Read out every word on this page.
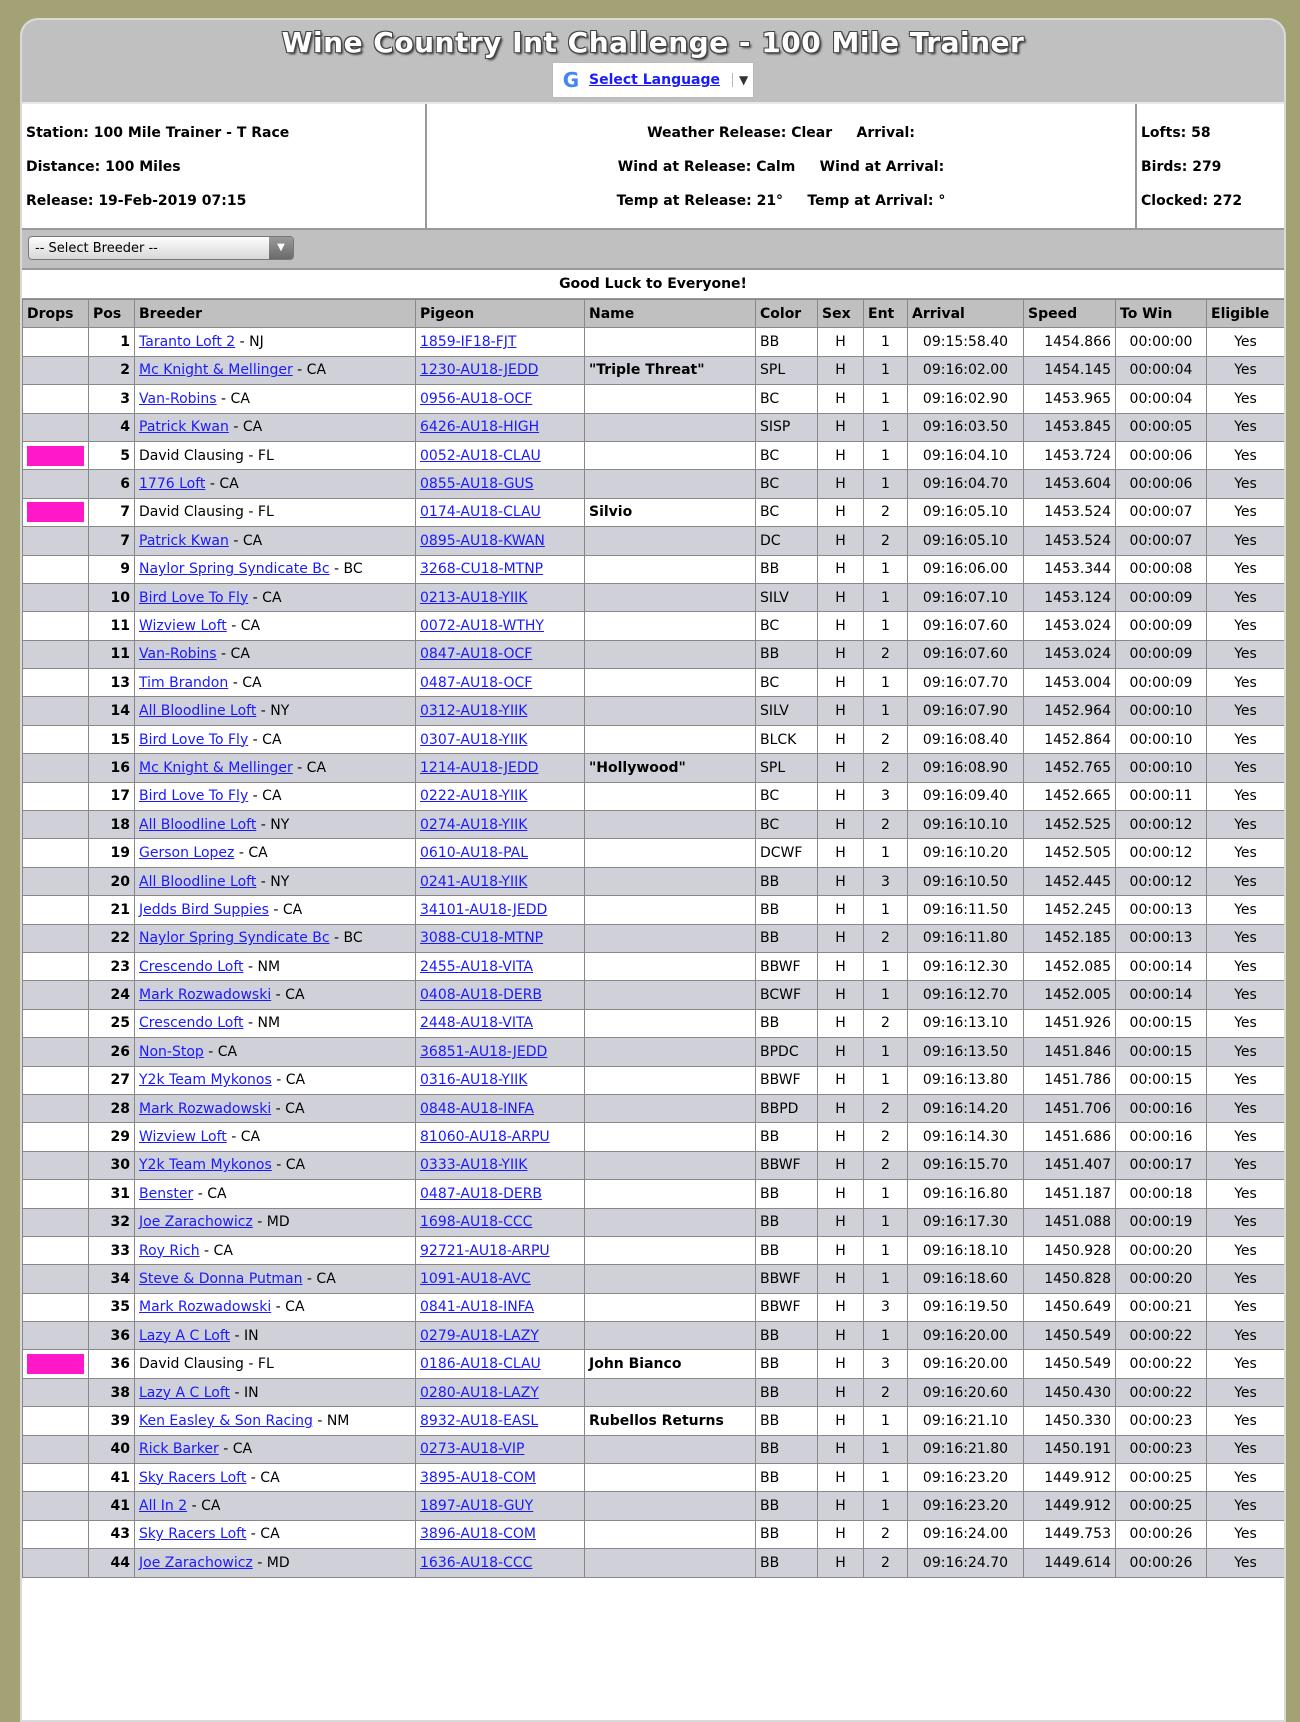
Wine Country Int Challenge - 100 Mile Trainer
G Select Language	▼
Station: 100 Mile Trainer - T Race
Distance: 100 Miles
Release: 19-Feb-2019 07:15
Weather Release: Clear     Arrival:
Wind at Release: Calm     Wind at Arrival:
Temp at Release: 21°     Temp at Arrival: °
Lofts: 58
Birds: 279
Clocked: 272
-- Select Breeder --	▼
Good Luck to Everyone!
Drops	Pos	Breeder	Pigeon	Name	Color	Sex	Ent	Arrival	Speed	To Win	Eligible
	1	Taranto Loft 2 - NJ	1859-IF18-FJT		BB	H	1	09:15:58.40	1454.866	00:00:00	Yes
	2	Mc Knight & Mellinger - CA	1230-AU18-JEDD	"Triple Threat"	SPL	H	1	09:16:02.00	1454.145	00:00:04	Yes
	3	Van-Robins - CA	0956-AU18-OCF		BC	H	1	09:16:02.90	1453.965	00:00:04	Yes
	4	Patrick Kwan - CA	6426-AU18-HIGH		SISP	H	1	09:16:03.50	1453.845	00:00:05	Yes

	5	David Clausing - FL	0052-AU18-CLAU		BC	H	1	09:16:04.10	1453.724	00:00:06	Yes
	6	1776 Loft - CA	0855-AU18-GUS		BC	H	1	09:16:04.70	1453.604	00:00:06	Yes

	7	David Clausing - FL	0174-AU18-CLAU	Silvio	BC	H	2	09:16:05.10	1453.524	00:00:07	Yes
	7	Patrick Kwan - CA	0895-AU18-KWAN		DC	H	2	09:16:05.10	1453.524	00:00:07	Yes
	9	Naylor Spring Syndicate Bc - BC	3268-CU18-MTNP		BB	H	1	09:16:06.00	1453.344	00:00:08	Yes
	10	Bird Love To Fly - CA	0213-AU18-YIIK		SILV	H	1	09:16:07.10	1453.124	00:00:09	Yes
	11	Wizview Loft - CA	0072-AU18-WTHY		BC	H	1	09:16:07.60	1453.024	00:00:09	Yes
	11	Van-Robins - CA	0847-AU18-OCF		BB	H	2	09:16:07.60	1453.024	00:00:09	Yes
	13	Tim Brandon - CA	0487-AU18-OCF		BC	H	1	09:16:07.70	1453.004	00:00:09	Yes
	14	All Bloodline Loft - NY	0312-AU18-YIIK		SILV	H	1	09:16:07.90	1452.964	00:00:10	Yes
	15	Bird Love To Fly - CA	0307-AU18-YIIK		BLCK	H	2	09:16:08.40	1452.864	00:00:10	Yes
	16	Mc Knight & Mellinger - CA	1214-AU18-JEDD	"Hollywood"	SPL	H	2	09:16:08.90	1452.765	00:00:10	Yes
	17	Bird Love To Fly - CA	0222-AU18-YIIK		BC	H	3	09:16:09.40	1452.665	00:00:11	Yes
	18	All Bloodline Loft - NY	0274-AU18-YIIK		BC	H	2	09:16:10.10	1452.525	00:00:12	Yes
	19	Gerson Lopez - CA	0610-AU18-PAL		DCWF	H	1	09:16:10.20	1452.505	00:00:12	Yes
	20	All Bloodline Loft - NY	0241-AU18-YIIK		BB	H	3	09:16:10.50	1452.445	00:00:12	Yes
	21	Jedds Bird Suppies - CA	34101-AU18-JEDD		BB	H	1	09:16:11.50	1452.245	00:00:13	Yes
	22	Naylor Spring Syndicate Bc - BC	3088-CU18-MTNP		BB	H	2	09:16:11.80	1452.185	00:00:13	Yes
	23	Crescendo Loft - NM	2455-AU18-VITA		BBWF	H	1	09:16:12.30	1452.085	00:00:14	Yes
	24	Mark Rozwadowski - CA	0408-AU18-DERB		BCWF	H	1	09:16:12.70	1452.005	00:00:14	Yes
	25	Crescendo Loft - NM	2448-AU18-VITA		BB	H	2	09:16:13.10	1451.926	00:00:15	Yes
	26	Non-Stop - CA	36851-AU18-JEDD		BPDC	H	1	09:16:13.50	1451.846	00:00:15	Yes
	27	Y2k Team Mykonos - CA	0316-AU18-YIIK		BBWF	H	1	09:16:13.80	1451.786	00:00:15	Yes
	28	Mark Rozwadowski - CA	0848-AU18-INFA		BBPD	H	2	09:16:14.20	1451.706	00:00:16	Yes
	29	Wizview Loft - CA	81060-AU18-ARPU		BB	H	2	09:16:14.30	1451.686	00:00:16	Yes
	30	Y2k Team Mykonos - CA	0333-AU18-YIIK		BBWF	H	2	09:16:15.70	1451.407	00:00:17	Yes
	31	Benster - CA	0487-AU18-DERB		BB	H	1	09:16:16.80	1451.187	00:00:18	Yes
	32	Joe Zarachowicz - MD	1698-AU18-CCC		BB	H	1	09:16:17.30	1451.088	00:00:19	Yes
	33	Roy Rich - CA	92721-AU18-ARPU		BB	H	1	09:16:18.10	1450.928	00:00:20	Yes
	34	Steve & Donna Putman - CA	1091-AU18-AVC		BBWF	H	1	09:16:18.60	1450.828	00:00:20	Yes
	35	Mark Rozwadowski - CA	0841-AU18-INFA		BBWF	H	3	09:16:19.50	1450.649	00:00:21	Yes
	36	Lazy A C Loft - IN	0279-AU18-LAZY		BB	H	1	09:16:20.00	1450.549	00:00:22	Yes

	36	David Clausing - FL	0186-AU18-CLAU	John Bianco	BB	H	3	09:16:20.00	1450.549	00:00:22	Yes
	38	Lazy A C Loft - IN	0280-AU18-LAZY		BB	H	2	09:16:20.60	1450.430	00:00:22	Yes
	39	Ken Easley & Son Racing - NM	8932-AU18-EASL	Rubellos Returns	BB	H	1	09:16:21.10	1450.330	00:00:23	Yes
	40	Rick Barker - CA	0273-AU18-VIP		BB	H	1	09:16:21.80	1450.191	00:00:23	Yes
	41	Sky Racers Loft - CA	3895-AU18-COM		BB	H	1	09:16:23.20	1449.912	00:00:25	Yes
	41	All In 2 - CA	1897-AU18-GUY		BB	H	1	09:16:23.20	1449.912	00:00:25	Yes
	43	Sky Racers Loft - CA	3896-AU18-COM		BB	H	2	09:16:24.00	1449.753	00:00:26	Yes
	44	Joe Zarachowicz - MD	1636-AU18-CCC		BB	H	2	09:16:24.70	1449.614	00:00:26	Yes
